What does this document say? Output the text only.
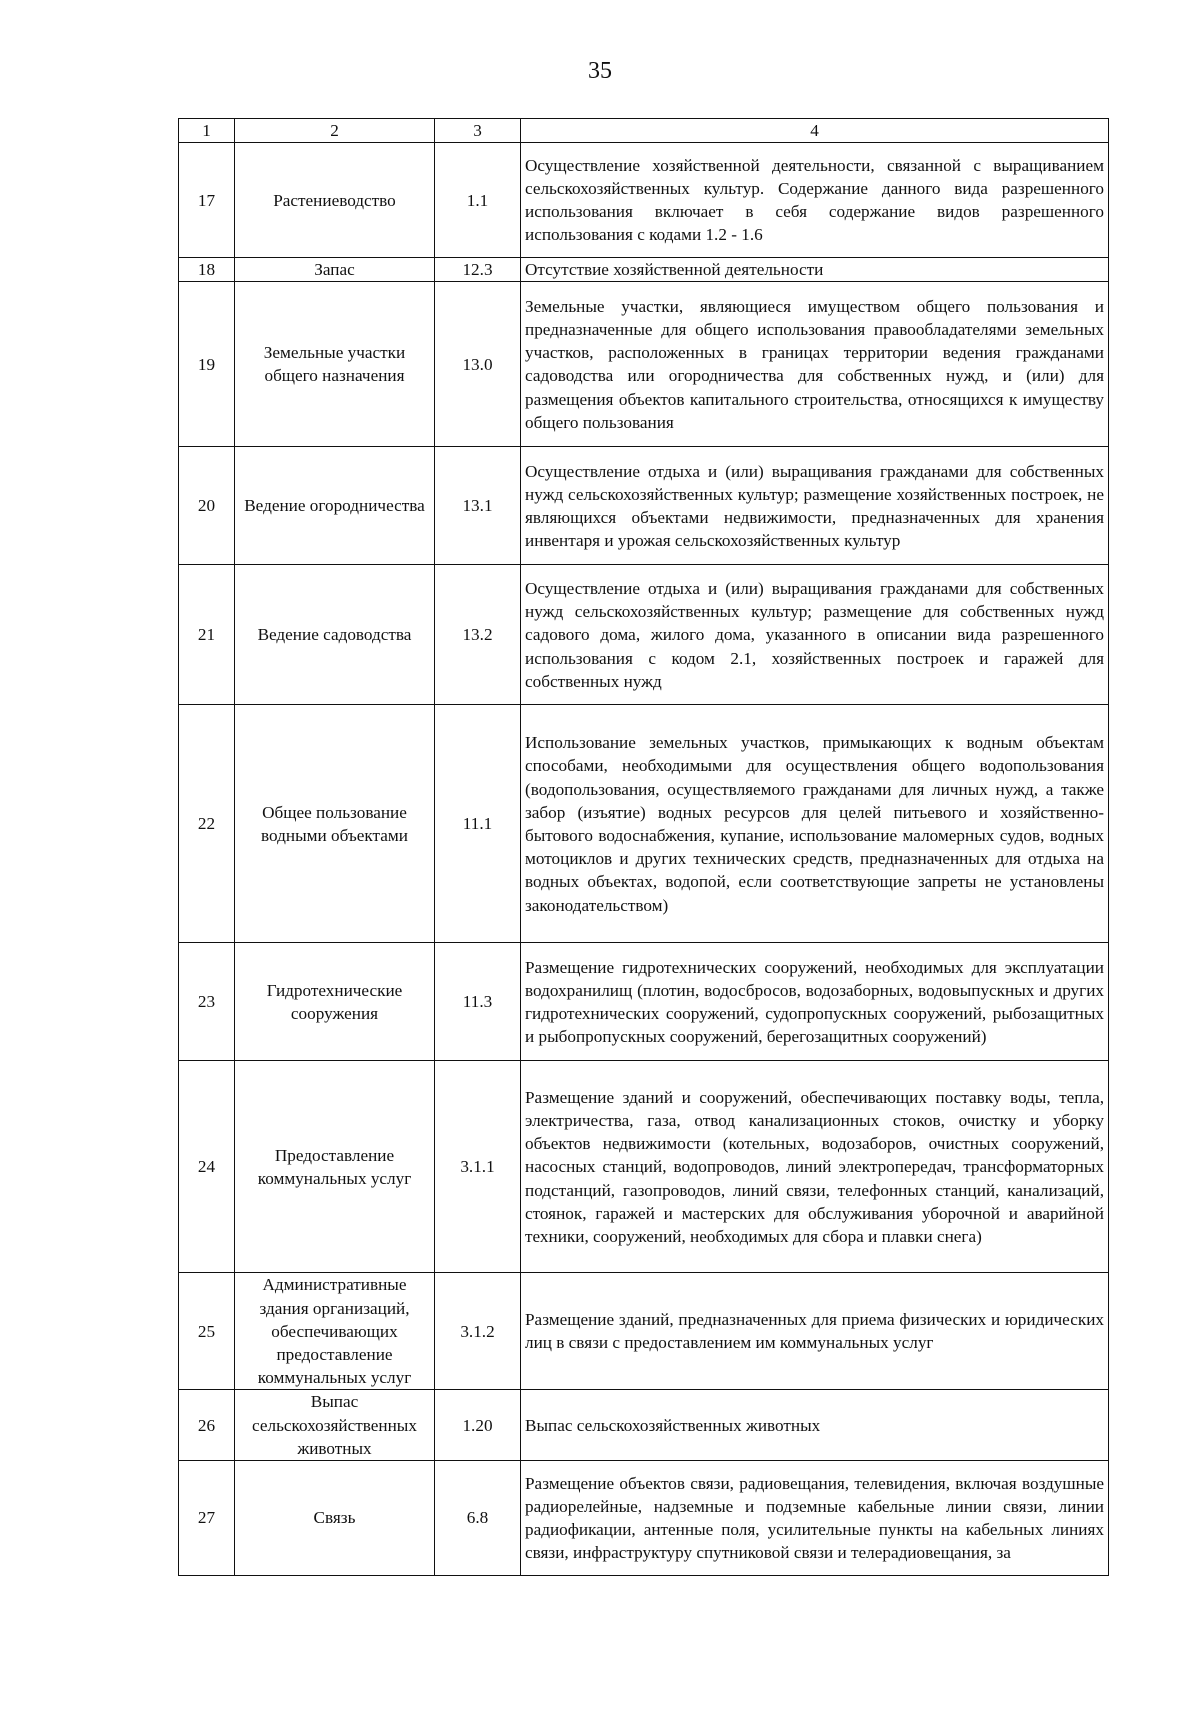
35
1	2	3	4
17	Растениеводство	1.1	Осуществление хозяйственной деятельности, связанной с выращиванием сельскохозяйственных культур. Содержание данного вида разрешенного использования включает в себя содержание видов разрешенного использования с кодами 1.2 - 1.6
18	Запас	12.3	Отсутствие хозяйственной деятельности
19	Земельные участки общего назначения	13.0	Земельные участки, являющиеся имуществом общего пользования и предназначенные для общего использования правообладателями земельных участков, расположенных в границах территории ведения гражданами садоводства или огородничества для собственных нужд, и (или) для размещения объектов капитального строительства, относящихся к имуществу общего пользования
20	Ведение огородничества	13.1	Осуществление отдыха и (или) выращивания гражданами для собственных нужд сельскохозяйственных культур; размещение хозяйственных построек, не являющихся объектами недвижимости, предназначенных для хранения инвентаря и урожая сельскохозяйственных культур
21	Ведение садоводства	13.2	Осуществление отдыха и (или) выращивания гражданами для собственных нужд сельскохозяйственных культур; размещение для собственных нужд садового дома, жилого дома, указанного в описании вида разрешенного использования с кодом 2.1, хозяйственных построек и гаражей для собственных нужд
22	Общее пользование водными объектами	11.1	Использование земельных участков, примыкающих к водным объектам способами, необходимыми для осуществления общего водопользования (водопользования, осуществляемого гражданами для личных нужд, а также забор (изъятие) водных ресурсов для целей питьевого и хозяйственно-бытового водоснабжения, купание, использование маломерных судов, водных мотоциклов и других технических средств, предназначенных для отдыха на водных объектах, водопой, если соответствующие запреты не установлены законодательством)
23	Гидротехнические сооружения	11.3	Размещение гидротехнических сооружений, необходимых для эксплуатации водохранилищ (плотин, водосбросов, водозаборных, водовыпускных и других гидротехнических сооружений, судопропускных сооружений, рыбозащитных и рыбопропускных сооружений, берегозащитных сооружений)
24	Предоставление коммунальных услуг	3.1.1	Размещение зданий и сооружений, обеспечивающих поставку воды, тепла, электричества, газа, отвод канализационных стоков, очистку и уборку объектов недвижимости (котельных, водозаборов, очистных сооружений, насосных станций, водопроводов, линий электропередач, трансформаторных подстанций, газопроводов, линий связи, телефонных станций, канализаций, стоянок, гаражей и мастерских для обслуживания уборочной и аварийной техники, сооружений, необходимых для сбора и плавки снега)
25	Административные здания организаций, обеспечивающих предоставление коммунальных услуг	3.1.2	Размещение зданий, предназначенных для приема физических и юридических лиц в связи с предоставлением им коммунальных услуг
26	Выпас сельскохозяйственных животных	1.20	Выпас сельскохозяйственных животных
27	Связь	6.8	Размещение объектов связи, радиовещания, телевидения, включая воздушные радиорелейные, надземные и подземные кабельные линии связи, линии радиофикации, антенные поля, усилительные пункты на кабельных линиях связи, инфраструктуру спутниковой связи и телерадиовещания, за
